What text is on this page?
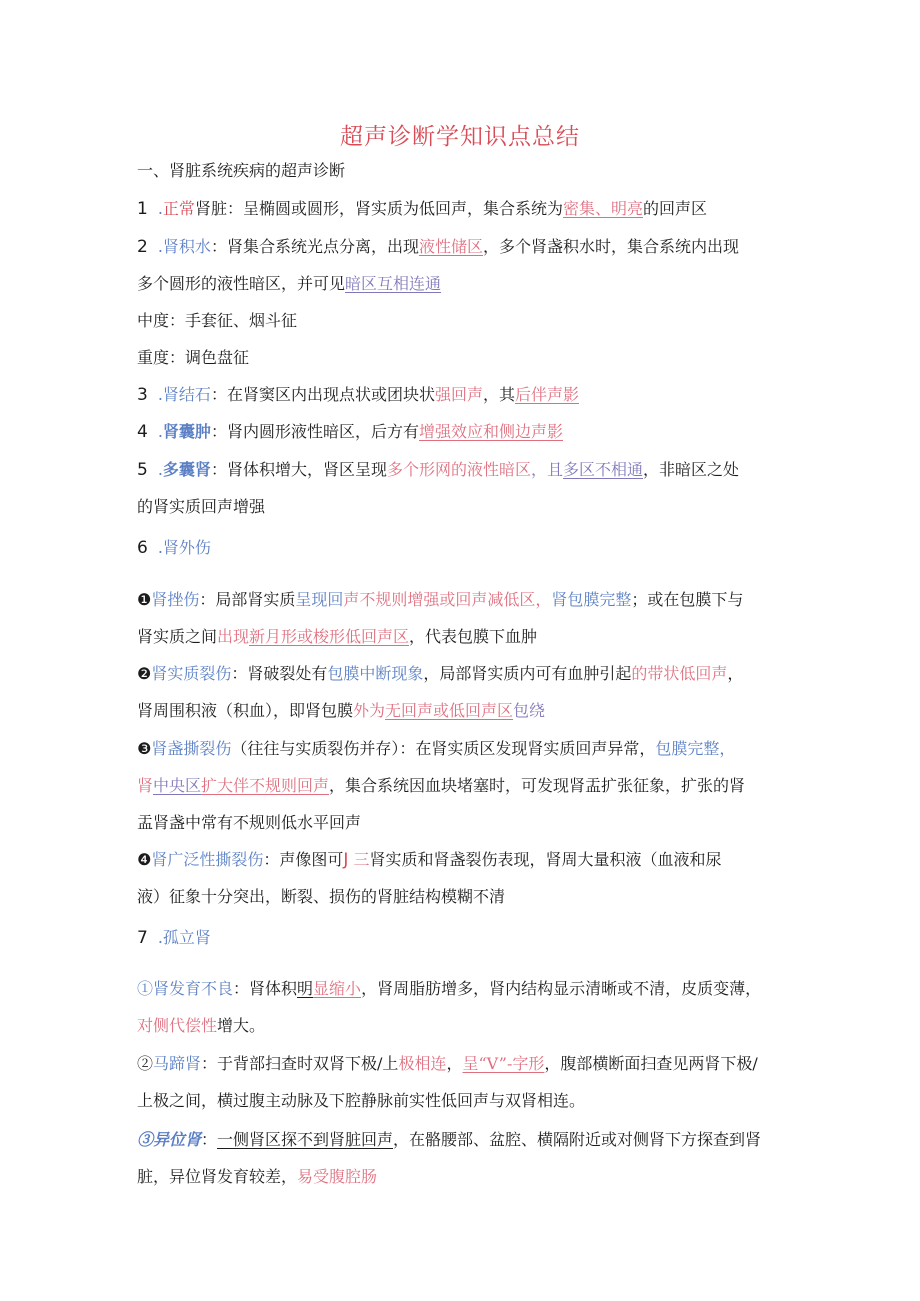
超声诊断学知识点总结
一、肾脏系统疾病的超声诊断
1 .正常肾脏：呈椭圆或圆形，肾实质为低回声，集合系统为密集、明亮的回声区
2 .肾积水：肾集合系统光点分离，出现液性储区，多个肾盏积水时，集合系统内出现
多个圆形的液性暗区，并可见暗区互相连通
中度：手套征、烟斗征
重度：调色盘征
3 .肾结石：在肾窦区内出现点状或团块状强回声，其后伴声影
4 .肾囊肿：肾内圆形液性暗区，后方有增强效应和侧边声影
5 .多囊肾：肾体积增大，肾区呈现多个形网的液性暗区，且多区不相通，非暗区之处
的肾实质回声增强
6 .肾外伤
❶肾挫伤：局部肾实质呈现回声不规则增强或回声减低区，肾包膜完整；或在包膜下与
肾实质之间出现新月形或梭形低回声区，代表包膜下血肿
❷肾实质裂伤：肾破裂处有包膜中断现象，局部肾实质内可有血肿引起的带状低回声，
肾周围积液（积血），即肾包膜外为无回声或低回声区包绕
❸肾盏撕裂伤（往往与实质裂伤并存）：在肾实质区发现肾实质回声异常，包膜完整，
肾中央区扩大伴不规则回声，集合系统因血块堵塞时，可发现肾盂扩张征象，扩张的肾
盂肾盏中常有不规则低水平回声
❹肾广泛性撕裂伤：声像图可J 三肾实质和肾盏裂伤表现，肾周大量积液（血液和尿
液）征象十分突出，断裂、损伤的肾脏结构模糊不清
7 .孤立肾
①肾发育不良：肾体积明显缩小，肾周脂肪增多，肾内结构显示清晰或不清，皮质变薄，
对侧代偿性增大。
②马蹄肾：于背部扫查时双肾下极/上极相连，呈“V”-字形，腹部横断面扫查见两肾下极/
上极之间，横过腹主动脉及下腔静脉前实性低回声与双肾相连。
③异位肾：一侧肾区探不到肾脏回声，在骼腰部、盆腔、横隔附近或对侧肾下方探查到肾
脏，异位肾发育较差，易受腹腔肠
